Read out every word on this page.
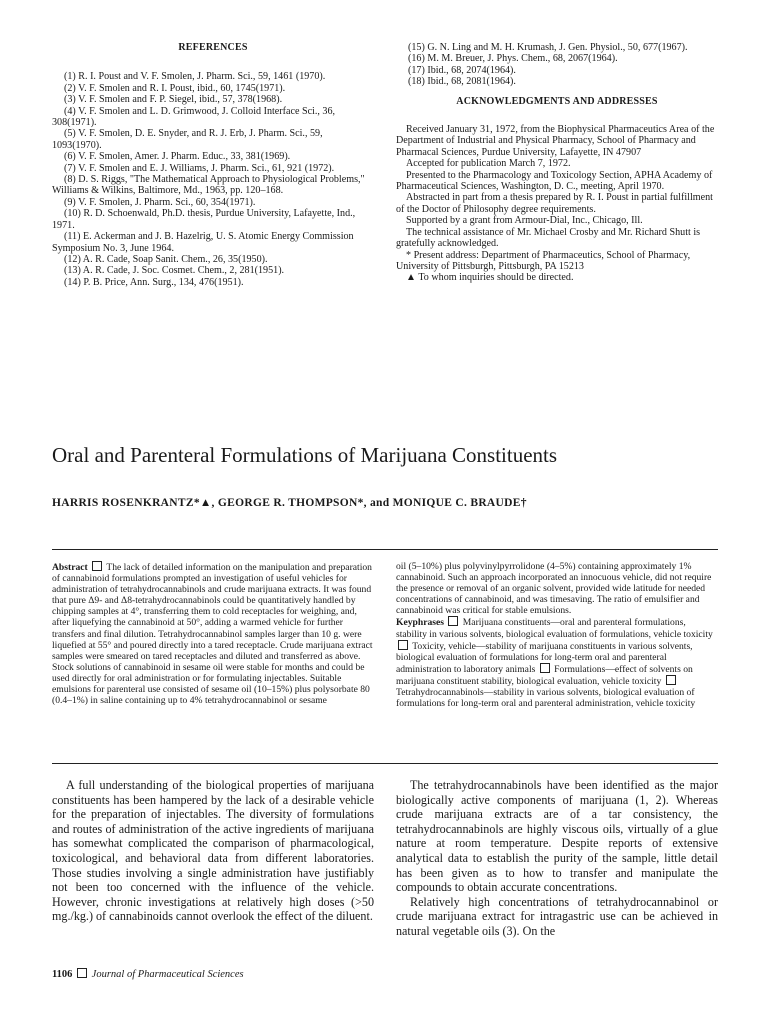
REFERENCES

(1) R. I. Poust and V. F. Smolen, J. Pharm. Sci., 59, 1461 (1970).

(2) V. F. Smolen and R. I. Poust, ibid., 60, 1745(1971).

(3) V. F. Smolen and F. P. Siegel, ibid., 57, 378(1968).

(4) V. F. Smolen and L. D. Grimwood, J. Colloid Interface Sci., 36, 308(1971).

(5) V. F. Smolen, D. E. Snyder, and R. J. Erb, J. Pharm. Sci., 59, 1093(1970).

(6) V. F. Smolen, Amer. J. Pharm. Educ., 33, 381(1969).

(7) V. F. Smolen and E. J. Williams, J. Pharm. Sci., 61, 921 (1972).

(8) D. S. Riggs, "The Mathematical Approach to Physiological Problems," Williams & Wilkins, Baltimore, Md., 1963, pp. 120–168.

(9) V. F. Smolen, J. Pharm. Sci., 60, 354(1971).

(10) R. D. Schoenwald, Ph.D. thesis, Purdue University, Lafayette, Ind., 1971.

(11) E. Ackerman and J. B. Hazelrig, U. S. Atomic Energy Commission Symposium No. 3, June 1964.

(12) A. R. Cade, Soap Sanit. Chem., 26, 35(1950).

(13) A. R. Cade, J. Soc. Cosmet. Chem., 2, 281(1951).

(14) P. B. Price, Ann. Surg., 134, 476(1951).

(15) G. N. Ling and M. H. Krumash, J. Gen. Physiol., 50, 677(1967).

(16) M. M. Breuer, J. Phys. Chem., 68, 2067(1964).

(17) Ibid., 68, 2074(1964).

(18) Ibid., 68, 2081(1964).

ACKNOWLEDGMENTS AND ADDRESSES

Received January 31, 1972, from the Biophysical Pharmaceutics Area of the Department of Industrial and Physical Pharmacy, School of Pharmacy and Pharmacal Sciences, Purdue University, Lafayette, IN 47907

Accepted for publication March 7, 1972.

Presented to the Pharmacology and Toxicology Section, APHA Academy of Pharmaceutical Sciences, Washington, D. C., meeting, April 1970.

Abstracted in part from a thesis prepared by R. I. Poust in partial fulfillment of the Doctor of Philosophy degree requirements.

Supported by a grant from Armour-Dial, Inc., Chicago, Ill.

The technical assistance of Mr. Michael Crosby and Mr. Richard Shutt is gratefully acknowledged.

* Present address: Department of Pharmaceutics, School of Pharmacy, University of Pittsburgh, Pittsburgh, PA 15213

▲ To whom inquiries should be directed.

Oral and Parenteral Formulations of Marijuana Constituents
HARRIS ROSENKRANTZ*▲, GEORGE R. THOMPSON*, and MONIQUE C. BRAUDE†

Abstract The lack of detailed information on the manipulation and preparation of cannabinoid formulations prompted an investigation of useful vehicles for administration of tetrahydrocannabinols and crude marijuana extracts. It was found that pure Δ9- and Δ8-tetrahydrocannabinols could be quantitatively handled by chipping samples at 4°, transferring them to cold receptacles for weighing, and, after liquefying the cannabinoid at 50°, adding a warmed vehicle for further transfers and final dilution. Tetrahydrocannabinol samples larger than 10 g. were liquefied at 55° and poured directly into a tared receptacle. Crude marijuana extract samples were smeared on tared receptacles and diluted and transferred as above. Stock solutions of cannabinoid in sesame oil were stable for months and could be used directly for oral administration or for formulating injectables. Suitable emulsions for parenteral use consisted of sesame oil (10–15%) plus polysorbate 80 (0.4–1%) in saline containing up to 4% tetrahydrocannabinol or sesame

oil (5–10%) plus polyvinylpyrrolidone (4–5%) containing approximately 1% cannabinoid. Such an approach incorporated an innocuous vehicle, did not require the presence or removal of an organic solvent, provided wide latitude for needed concentrations of cannabinoid, and was timesaving. The ratio of emulsifier and cannabinoid was critical for stable emulsions.

Keyphrases Marijuana constituents—oral and parenteral formulations, stability in various solvents, biological evaluation of formulations, vehicle toxicity  Toxicity, vehicle—stability of marijuana constituents in various solvents, biological evaluation of formulations for long-term oral and parenteral administration to laboratory animals Formulations—effect of solvents on marijuana constituent stability, biological evaluation, vehicle toxicity  Tetrahydrocannabinols—stability in various solvents, biological evaluation of formulations for long-term oral and parenteral administration, vehicle toxicity

A full understanding of the biological properties of marijuana constituents has been hampered by the lack of a desirable vehicle for the preparation of injectables. The diversity of formulations and routes of administration of the active ingredients of marijuana has somewhat complicated the comparison of pharmacological, toxicological, and behavioral data from different laboratories. Those studies involving a single administration have justifiably not been too concerned with the influence of the vehicle. However, chronic investigations at relatively high doses (>50 mg./kg.) of cannabinoids cannot overlook the effect of the diluent.

The tetrahydrocannabinols have been identified as the major biologically active components of marijuana (1, 2). Whereas crude marijuana extracts are of a tar consistency, the tetrahydrocannabinols are highly viscous oils, virtually of a glue nature at room temperature. Despite reports of extensive analytical data to establish the purity of the sample, little detail has been given as to how to transfer and manipulate the compounds to obtain accurate concentrations.

Relatively high concentrations of tetrahydrocannabinol or crude marijuana extract for intragastric use can be achieved in natural vegetable oils (3). On the

1106 Journal of Pharmaceutical Sciences
